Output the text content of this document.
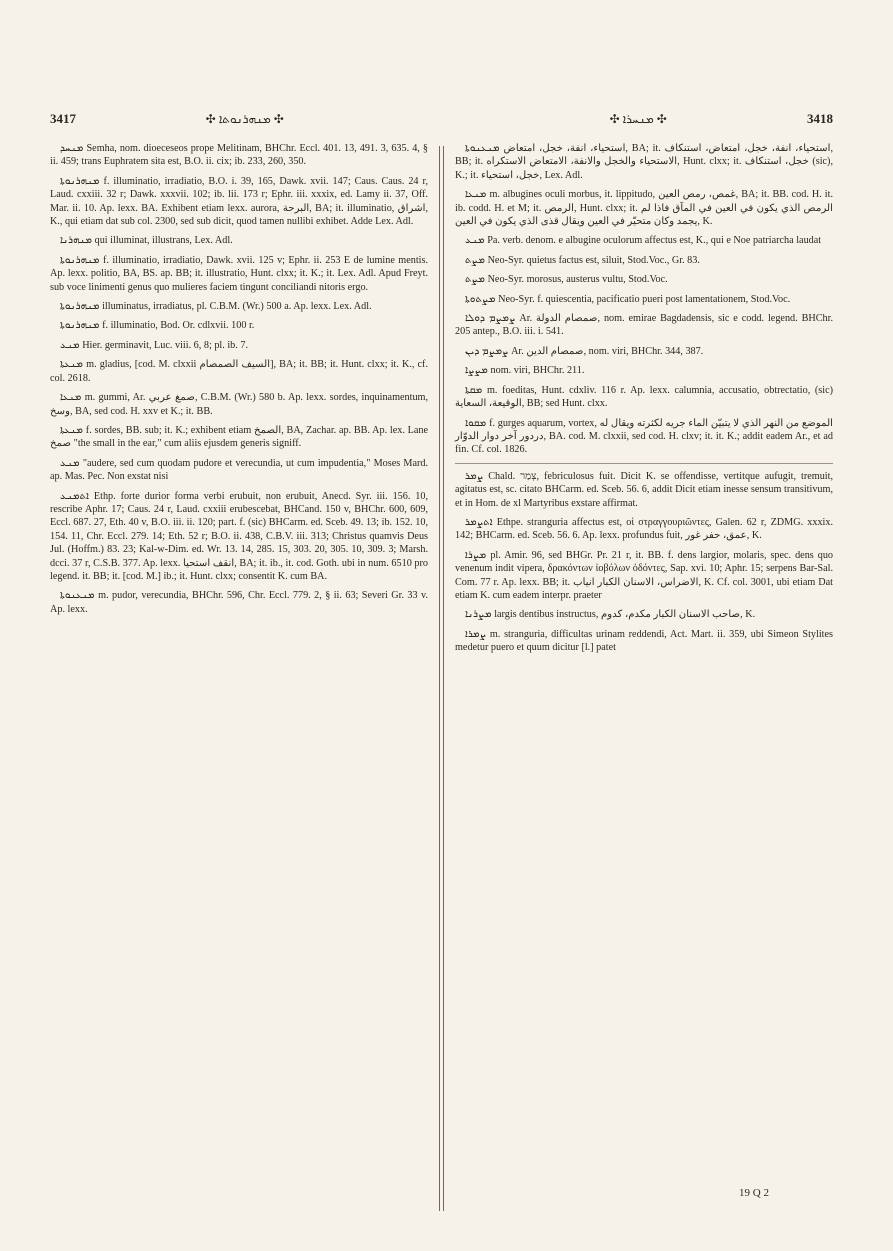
3417	✣ ܡܢܗܪܢܘܬܐ ✣	✣ ܡܢܚܪܐ ✣	3418

ܡܢܚܕ Semha, nom. dioeceseos prope Melitinam, BHChr. Eccl. 401. 13, 491. 3, 635. 4, § ii. 459; trans Euphratem sita est, B.O. ii. cix; ib. 233, 260, 350.

ܡܢܗܪܢܘܬܐ f. illuminatio, irradiatio, B.O. i. 39, 165, Dawk. xvii. 147; Caus. Caus. 24 r, Laud. cxxiii. 32 r; Dawk. xxxvii. 102; ib. lii. 173 r; Ephr. iii. xxxix, ed. Lamy ii. 37, Off. Mar. ii. 10. Ap. lexx. BA. Exhibent etiam lexx. aurora, البرحة, BA; it. illuminatio, اشراق, K., qui etiam dat sub col. 2300, sed sub dicit, quod tamen nullibi exhibet. Adde Lex. Adl.

ܡܢܗܪܢܐ qui illuminat, illustrans, Lex. Adl.

ܡܢܗܪܢܘܬܐ f. illuminatio, irradiatio, Dawk. xvii. 125 v; Ephr. ii. 253 E de lumine mentis. Ap. lexx. politio, BA, BS. ap. BB; it. illustratio, Hunt. clxx; it. K.; it. Lex. Adl. Apud Freyt. sub voce linimenti genus quo mulieres faciem tingunt conciliandi nitoris ergo.

ܡܢܗܪܢܘܬܐ illuminatus, irradiatus, pl. C.B.M. (Wr.) 500 a. Ap. lexx. Lex. Adl.

ܡܢܗܪܢܘܬܐ f. illuminatio, Bod. Or. cdlxvii. 100 r.

ܡܢܥ Hier. germinavit, Luc. viii. 6, 8; pl. ib. 7.

ܡܢܥܬܐ m. gladius, [cod. M. clxxii السيف الصمصام], BA; it. BB; it. Hunt. clxx; it. K., cf. col. 2618.

ܡܢܥܐ m. gummi, Ar. صمغ عربي, C.B.M. (Wr.) 580 b. Ap. lexx. sordes, inquinamentum, وسخ, BA, sed cod. H. xxv et K.; it. BB.

ܡܢܥܬܐ f. sordes, BB. sub; it. K.; exhibent etiam الصمخ, BA, Zachar. ap. BB. Ap. lex. Lane صمخ "the small in the ear," cum aliis ejusdem generis signiff.

ܡܢܥ "audere, sed cum quodam pudore et verecundia, ut cum impudentia," Moses Mard. ap. Mas. Pec. Non exstat nisi

ܐܬܡܢܥ Ethp. forte durior forma verbi erubuit, non erubuit, Anecd. Syr. iii. 156. 10, rescribe Aphr. 17; Caus. 24 r, Laud. cxxiii erubescebat, BHCand. 150 v, BHChr. 600, 609, Eccl. 687. 27, Eth. 40 v, B.O. iii. ii. 120; part. f. (sic) BHCarm. ed. Sceb. 49. 13; ib. 152. 10, 154. 11, Chr. Eccl. 279. 14; Eth. 52 r; B.O. ii. 438, C.B.V. iii. 313; Christus quamvis Deus Jul. (Hoffm.) 83. 23; Kal-w-Dim. ed. Wr. 13. 14, 285. 15, 303. 20, 305. 10, 309. 3; Marsh. dcci. 37 r, C.S.B. 377. Ap. lexx. انقف استحيا, BA; it. ib., it. cod. Goth. ubi in num. 6510 pro legend. it. BB; it. [cod. M.] ib.; it. Hunt. clxx; consentit K. cum BA.

ܡܢܥܢܘܬܐ m. pudor, verecundia, BHChr. 596, Chr. Eccl. 779. 2, § ii. 63; Severi Gr. 33 v. Ap. lexx.

ܡܢܥܢܘܬܐ استحياء، انفة، خجل، امتعاض, BA; it. استحياء، انفة، خجل، امتعاض، استنكاف, BB; it. الاستحياء والخجل والانفة، الامتعاض الاستكراه, Hunt. clxx; it. خجل، استنكاف (sic), K.; it. خجل، استحياء, Lex. Adl.

ܡܢܥܐ m. albugines oculi morbus, it. lippitudo, غمص، رمص العين, BA; it. BB. cod. H. it. ib. codd. H. et M; it. الرمص, Hunt. clxx; it. الرمص الذي يكون في العين في المآق فاذا لم يجمد وكان متحيّر في العين ويقال قذى الذي يكون في العين, K.

ܡܢܥ Pa. verb. denom. e albugine oculorum affectus est, K., qui e Noe patriarcha laudat

ܡܨܬ Neo-Syr. quietus factus est, siluit, Stod.Voc., Gr. 83.

ܡܨܬ Neo-Syr. morosus, austerus vultu, Stod.Voc.

ܡܨܬܘܬܐ Neo-Syr. f. quiescentia, pacificatio pueri post lamentationem, Stod.Voc.

ܨܡܨܡ ܕܘܠܐ Ar. صمصام الدولة, nom. emirae Bagdadensis, sic e codd. legend. BHChr. 205 antep., B.O. iii. i. 541.

ܨܡܨܡ ܕܝܢ Ar. صمصام الدين, nom. viri, BHChr. 344, 387.

ܡܨܨܐ nom. viri, BHChr. 211.

ܡܩܬܐ m. foeditas, Hunt. cdxliv. 116 r. Ap. lexx. calumnia, accusatio, obtrectatio, (sic) الوقيعة، السعاية, BB; sed Hunt. clxx.

ܡܩܘܐ f. gurges aquarum, vortex, الموضع من النهر الذي لا يتبيّن الماء جريه لكثرته ويقال له دردور آخر دوار الدوّار, BA. cod. M. clxxii, sed cod. H. clxv; it. it. K.; addit eadem Ar., et ad fin. Cf. col. 1826.

ܨܡܪ Chald. צְמַר, febriculosus fuit. Dicit K. se offendisse, vertitque aufugit, tremuit, agitatus est, sc. citato BHCarm. ed. Sceb. 56. 6, addit Dicit etiam inesse sensum transitivum, et in Hom. de xl Martyribus exstare affirmat.

ܐܬܨܡܪ Ethpe. stranguria affectus est, οἱ στραγγουριῶντες, Galen. 62 r, ZDMG. xxxix. 142; BHCarm. ed. Sceb. 56. 6. Ap. lexx. profundus fuit, عمق، حفر غور, K.

ܡܨܪܐ pl. Amir. 96, sed BHGr. Pr. 21 r, it. BB. f. dens largior, molaris, spec. dens quo venenum indit vipera, δρακόντων ἰοβόλων ὀδόντες, Sap. xvi. 10; Aphr. 15; serpens Bar-Sal. Com. 77 r. Ap. lexx. BB; it. الاضراس، الاسنان الكبار انياب, K. Cf. col. 3001, ubi etiam Dat etiam K. cum eadem interpr. praeter

ܡܨܪܢܐ largis dentibus instructus, صاحب الاسنان الكبار مكدم، كدوم, K.

ܨܡܪܐ m. stranguria, difficultas urinam reddendi, Act. Mart. ii. 359, ubi Simeon Stylites medetur puero et quum dicitur [l.] patet

19 Q 2
